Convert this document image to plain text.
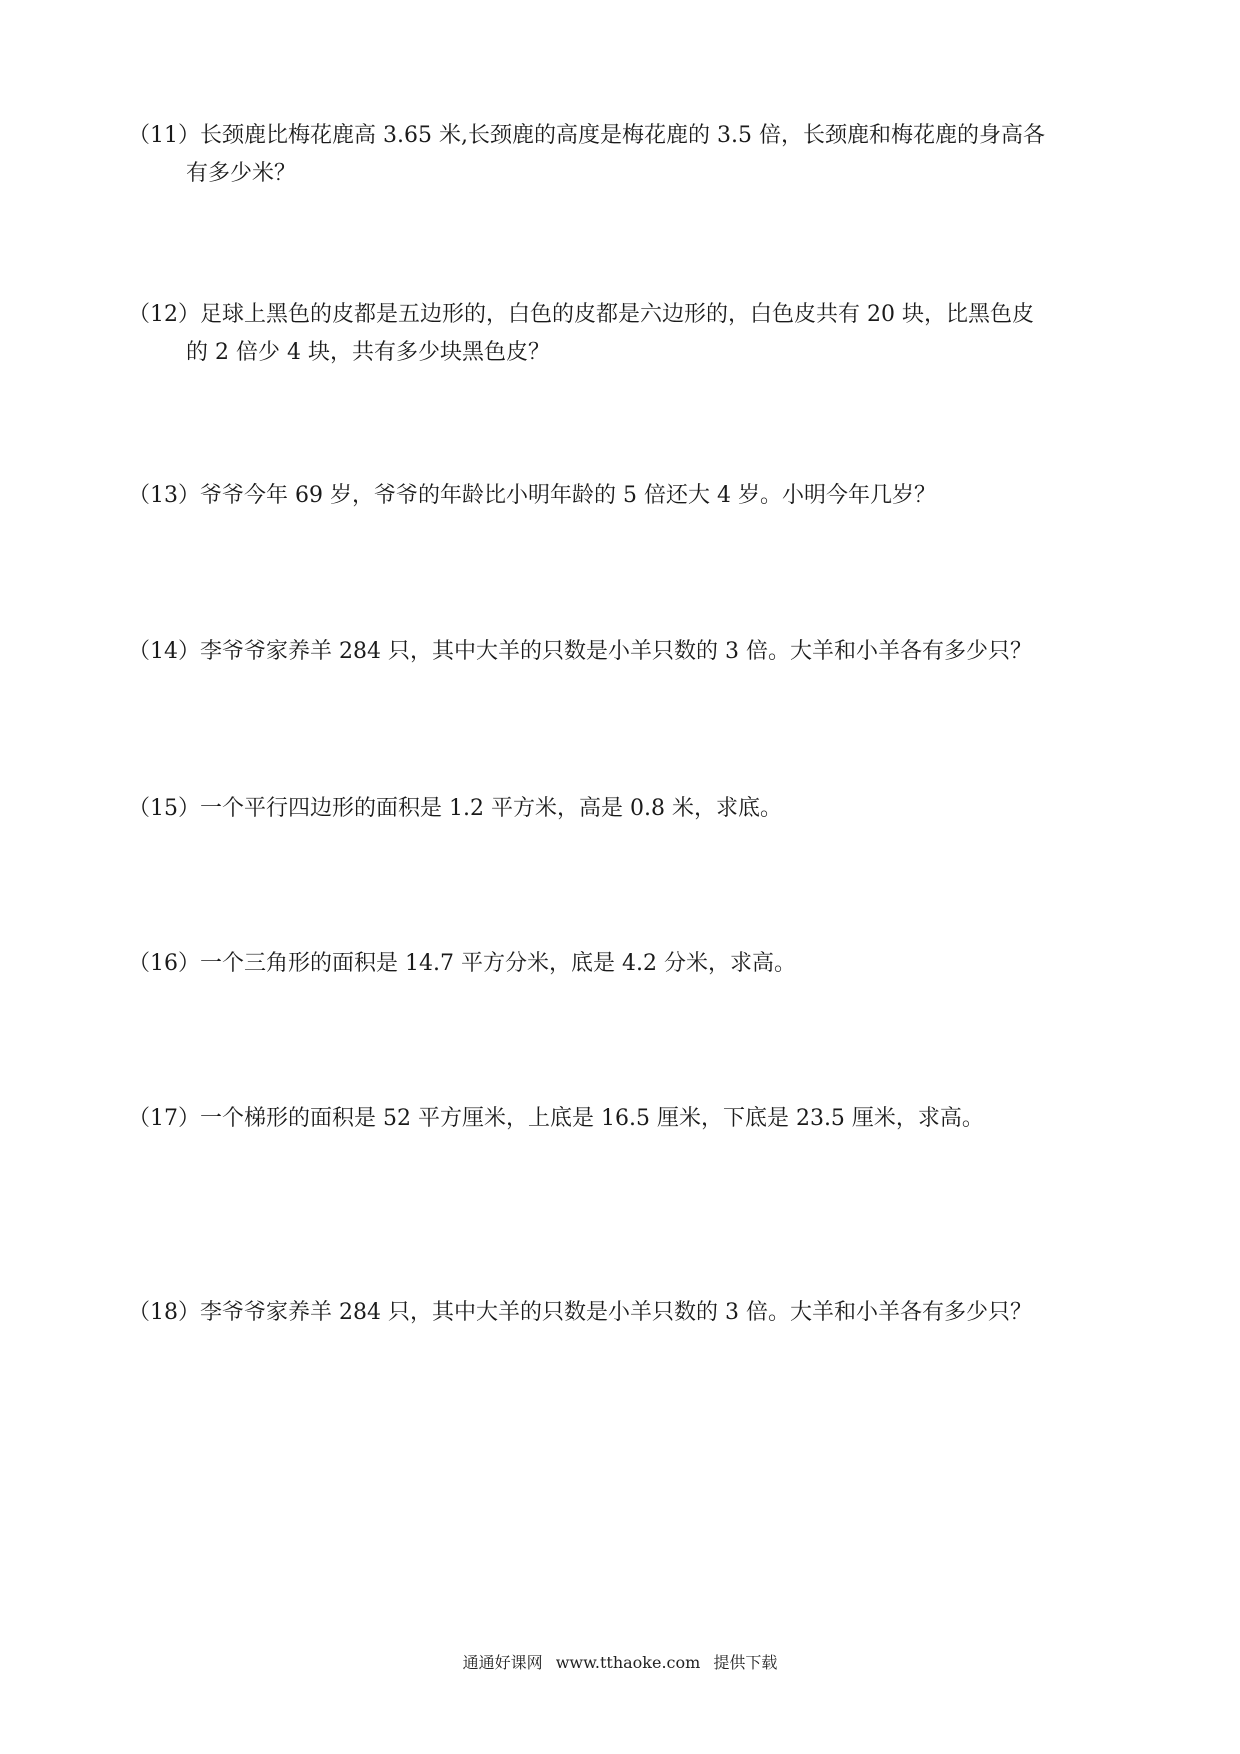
（11）长颈鹿比梅花鹿高 3.65 米,长颈鹿的高度是梅花鹿的 3.5 倍，长颈鹿和梅花鹿的身高各
有多少米？
（12）足球上黑色的皮都是五边形的，白色的皮都是六边形的，白色皮共有 20 块，比黑色皮
的 2 倍少 4 块，共有多少块黑色皮？
（13）爷爷今年 69 岁，爷爷的年龄比小明年龄的 5 倍还大 4 岁。小明今年几岁？
（14）李爷爷家养羊 284 只，其中大羊的只数是小羊只数的 3 倍。大羊和小羊各有多少只？
（15）一个平行四边形的面积是 1.2 平方米，高是 0.8 米，求底。
（16）一个三角形的面积是 14.7 平方分米，底是 4.2 分米，求高。
（17）一个梯形的面积是 52 平方厘米，上底是 16.5 厘米，下底是 23.5 厘米，求高。
（18）李爷爷家养羊 284 只，其中大羊的只数是小羊只数的 3 倍。大羊和小羊各有多少只？
通通好课网 www.tthaoke.com 提供下载
